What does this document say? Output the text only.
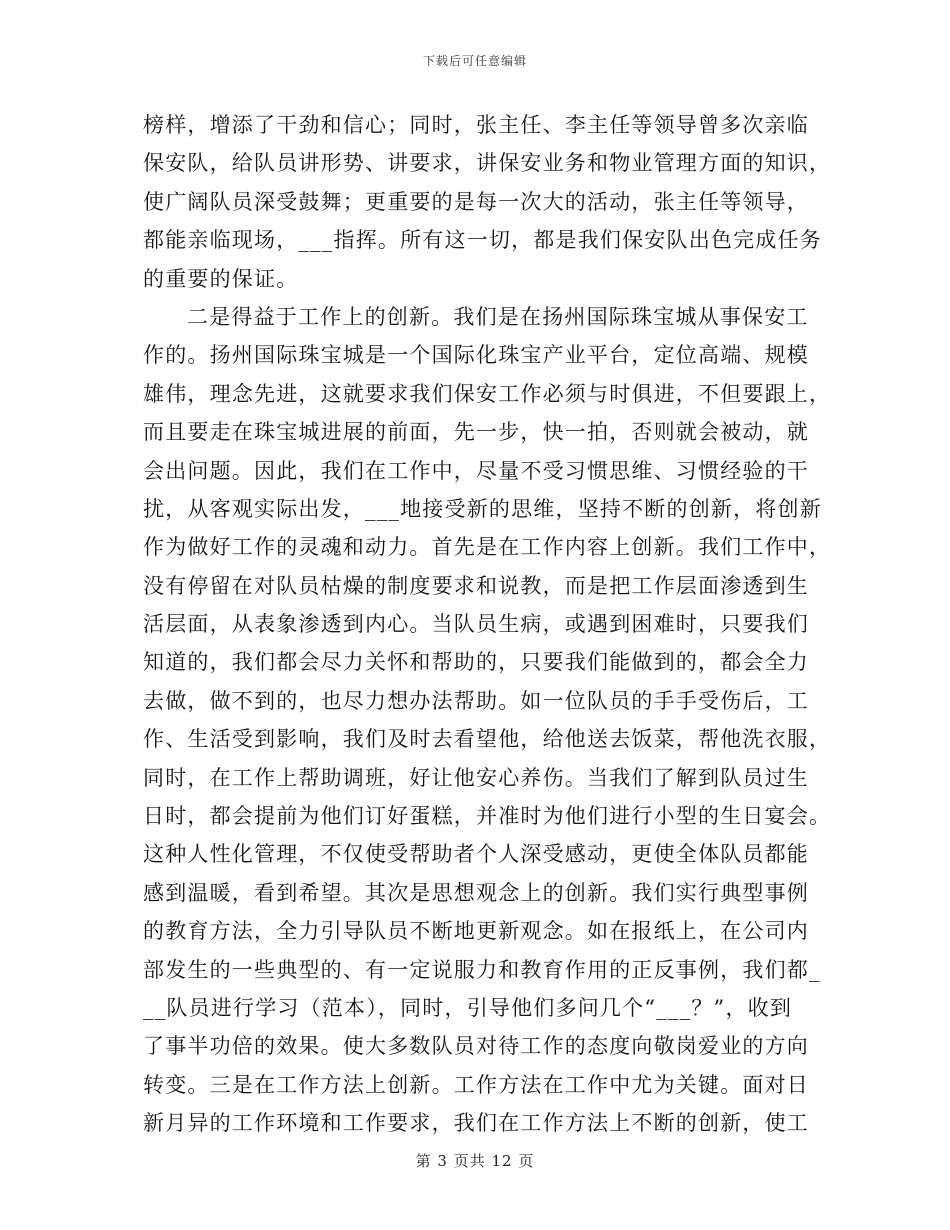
下载后可任意编辑
榜样，增添了干劲和信心；同时，张主任、李主任等领导曾多次亲临
保安队，给队员讲形势、讲要求，讲保安业务和物业管理方面的知识，
使广阔队员深受鼓舞；更重要的是每一次大的活动，张主任等领导，
都能亲临现场，___指挥。所有这一切，都是我们保安队出色完成任务
的重要的保证。
二是得益于工作上的创新。我们是在扬州国际珠宝城从事保安工
作的。扬州国际珠宝城是一个国际化珠宝产业平台，定位高端、规模
雄伟，理念先进，这就要求我们保安工作必须与时俱进，不但要跟上，
而且要走在珠宝城进展的前面，先一步，快一拍，否则就会被动，就
会出问题。因此，我们在工作中，尽量不受习惯思维、习惯经验的干
扰，从客观实际出发，___地接受新的思维，坚持不断的创新，将创新
作为做好工作的灵魂和动力。首先是在工作内容上创新。我们工作中，
没有停留在对队员枯燥的制度要求和说教，而是把工作层面渗透到生
活层面，从表象渗透到内心。当队员生病，或遇到困难时，只要我们
知道的，我们都会尽力关怀和帮助的，只要我们能做到的，都会全力
去做，做不到的，也尽力想办法帮助。如一位队员的手手受伤后，工
作、生活受到影响，我们及时去看望他，给他送去饭菜，帮他洗衣服，
同时，在工作上帮助调班，好让他安心养伤。当我们了解到队员过生
日时，都会提前为他们订好蛋糕，并准时为他们进行小型的生日宴会。
这种人性化管理，不仅使受帮助者个人深受感动，更使全体队员都能
感到温暖，看到希望。其次是思想观念上的创新。我们实行典型事例
的教育方法，全力引导队员不断地更新观念。如在报纸上，在公司内
部发生的一些典型的、有一定说服力和教育作用的正反事例，我们都_
__队员进行学习（范本），同时，引导他们多问几个“___？”，收到
了事半功倍的效果。使大多数队员对待工作的态度向敬岗爱业的方向
转变。三是在工作方法上创新。工作方法在工作中尤为关键。面对日
新月异的工作环境和工作要求，我们在工作方法上不断的创新，使工
第 3 页共 12 页
